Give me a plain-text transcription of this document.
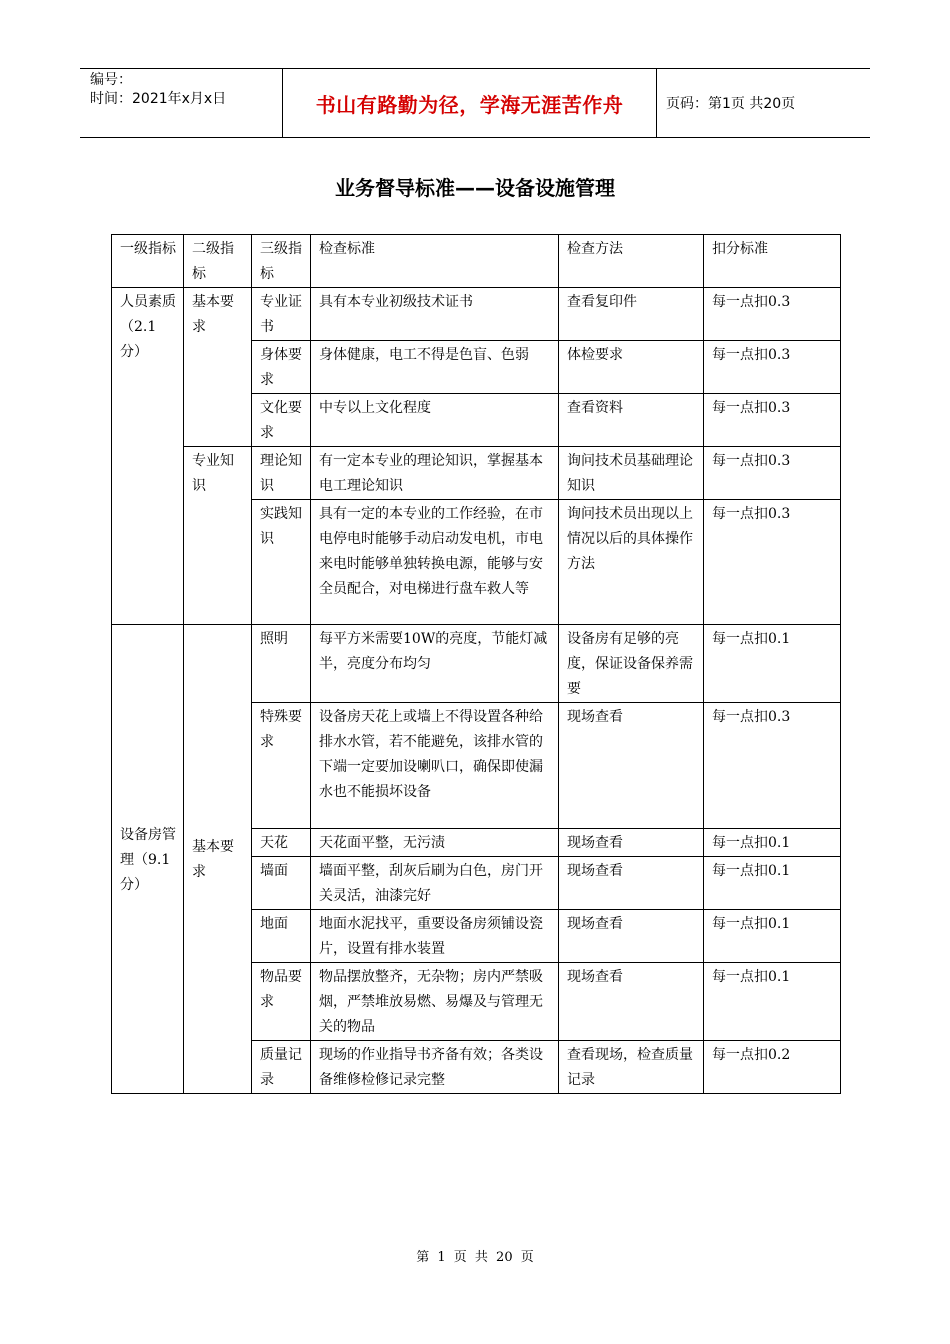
编号：
时间：2021年x月x日	书山有路勤为径，学海无涯苦作舟	页码：第1页 共20页
业务督导标准——设备设施管理
一级指标	二级指标	三级指标	检查标准	检查方法	扣分标准
人员素质（2.1分）	基本要求	专业证书	具有本专业初级技术证书	查看复印件	每一点扣0.3
		身体要求	身体健康，电工不得是色盲、色弱	体检要求	每一点扣0.3
		文化要求	中专以上文化程度	查看资料	每一点扣0.3
	专业知识	理论知识	有一定本专业的理论知识，掌握基本电工理论知识	询问技术员基础理论知识	每一点扣0.3
		实践知识	具有一定的本专业的工作经验，在市电停电时能够手动启动发电机，市电来电时能够单独转换电源，能够与安全员配合，对电梯进行盘车救人等	询问技术员出现以上情况以后的具体操作方法	每一点扣0.3
设备房管理（9.1分）	基本要求	照明	每平方米需要10W的亮度，节能灯减半，亮度分布均匀	设备房有足够的亮度，保证设备保养需要	每一点扣0.1
		特殊要求	设备房天花上或墙上不得设置各种给排水水管，若不能避免，该排水管的下端一定要加设喇叭口，确保即使漏水也不能损坏设备	现场查看	每一点扣0.3
		天花	天花面平整，无污渍	现场查看	每一点扣0.1
		墙面	墙面平整，刮灰后刷为白色，房门开关灵活，油漆完好	现场查看	每一点扣0.1
		地面	地面水泥找平，重要设备房须铺设瓷片，设置有排水装置	现场查看	每一点扣0.1
		物品要求	物品摆放整齐，无杂物；房内严禁吸烟，严禁堆放易燃、易爆及与管理无关的物品	现场查看	每一点扣0.1
		质量记录	现场的作业指导书齐备有效；各类设备维修检修记录完整	查看现场，检查质量记录	每一点扣0.2
第 1 页 共 20 页
